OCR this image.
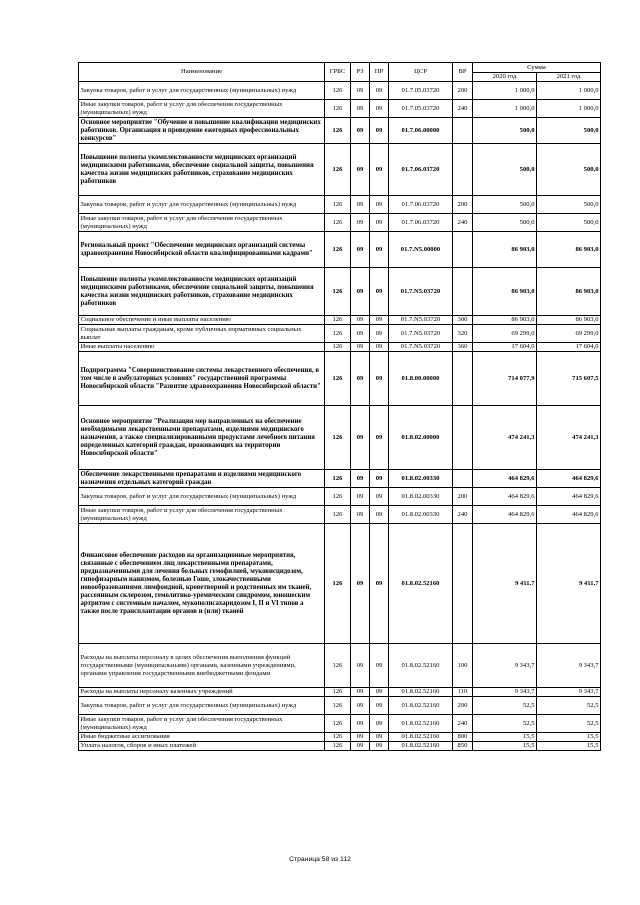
Наименование	ГРБС	РЗ	ПР	ЦСР	ВР	Сумма	
						2020 год	2021 год
Закупка товаров, работ и услуг для государственных (муниципальных) нужд	126	09	09	01.7.05.03720	200	1 000,0	1 000,0
Иные закупки товаров, работ и услуг для обеспечения государственных (муниципальных) нужд	126	09	09	01.7.05.03720	240	1 000,0	1 000,0
Основное мероприятие "Обучение и повышение квалификации медицинских работников. Организация и проведение ежегодных профессиональных конкурсов"	126	09	09	01.7.06.00000		500,0	500,0
Повышение полноты укомплектованности медицинских организаций медицинскими работниками, обеспечение социальной защиты, повышения качества жизни медицинских работников, страхование медицинских работников	126	09	09	01.7.06.03720		500,0	500,0
Закупка товаров, работ и услуг для государственных (муниципальных) нужд	126	09	09	01.7.06.03720	200	500,0	500,0
Иные закупки товаров, работ и услуг для обеспечения государственных (муниципальных) нужд	126	09	09	01.7.06.03720	240	500,0	500,0
Региональный проект "Обеспечение медицинских организаций системы здравоохранения Новосибирской области квалифицированными кадрами"	126	09	09	01.7.N5.00000		86 903,0	86 903,0
Повышение полноты укомплектованности медицинских организаций медицинскими работниками, обеспечение социальной защиты, повышения качества жизни медицинских работников, страхование медицинских работников	126	09	09	01.7.N5.03720		86 903,0	86 903,0
Социальное обеспечение и иные выплаты населению	126	09	09	01.7.N5.03720	300	86 903,0	86 903,0
Социальные выплаты гражданам, кроме публичных нормативных социальных выплат	126	09	09	01.7.N5.03720	320	69 299,0	69 299,0
Иные выплаты населению	126	09	09	01.7.N5.03720	360	17 604,0	17 604,0
Подпрограмма "Совершенствование системы лекарственного обеспечения, в том числе в амбулаторных условиях" государственной программы Новосибирской области "Развитие здравоохранения Новосибирской области"	126	09	09	01.8.00.00000		714 077,9	715 607,5
Основное мероприятие "Реализация мер направленных на обеспечение необходимыми лекарственными препаратами, изделиями медицинского назначения, а также специализированными продуктами лечебного питания определенных категорий граждан, проживающих на территории Новосибирской области"	126	09	09	01.8.02.00000		474 241,3	474 241,3
Обеспечение лекарственными препаратами и изделиями медицинского назначения отдельных категорий граждан	126	09	09	01.8.02.00330		464 829,6	464 829,6
Закупка товаров, работ и услуг для государственных (муниципальных) нужд	126	09	09	01.8.02.00330	200	464 829,6	464 829,6
Иные закупки товаров, работ и услуг для обеспечения государственных (муниципальных) нужд	126	09	09	01.8.02.00330	240	464 829,6	464 829,6
Финансовое обеспечение расходов на организационные мероприятия, связанные с обеспечением лиц лекарственными препаратами, предназначенными для лечения больных гемофилией, муковисцидозом, гипофизарным нанизмом, болезнью Гоше, злокачественными новообразованиями лимфоидной, кроветворной и родственных им тканей, рассеянным склерозом, гемолитико-уремическим синдромом, юношеским артритом с системным началом, мукополисахаридозом I, II и VI типов а также после трансплантации органов и (или) тканей	126	09	09	01.8.02.52160		9 411,7	9 411,7
Расходы на выплаты персоналу в целях обеспечения выполнения функций государственными (муниципальными) органами, казенными учреждениями, органами управления государственными внебюджетными фондами	126	09	09	01.8.02.52160	100	9 343,7	9 343,7
Расходы на выплаты персоналу казенных учреждений	126	09	09	01.8.02.52160	110	9 343,7	9 343,7
Закупка товаров, работ и услуг для государственных (муниципальных) нужд	126	09	09	01.8.02.52160	200	52,5	52,5
Иные закупки товаров, работ и услуг для обеспечения государственных (муниципальных) нужд	126	09	09	01.8.02.52160	240	52,5	52,5
Иные бюджетные ассигнования	126	09	09	01.8.02.52160	800	15,5	15,5
Уплата налогов, сборов и иных платежей	126	09	09	01.8.02.52160	850	15,5	15,5
Страница 58 из 112
